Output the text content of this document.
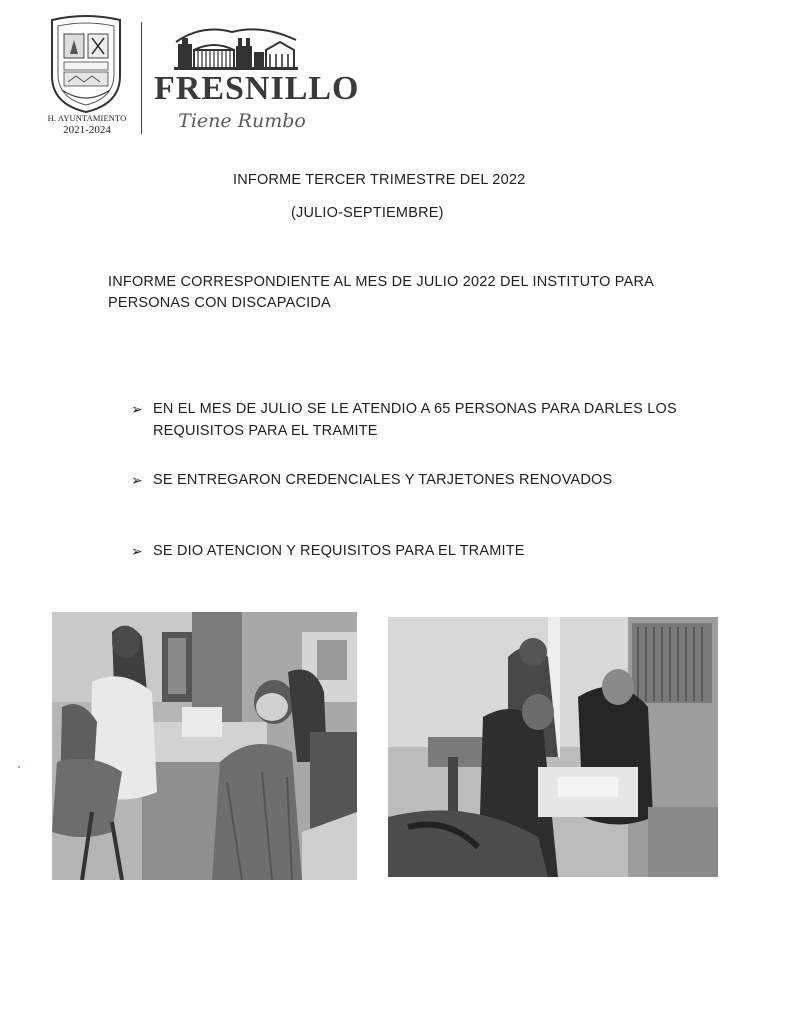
H. AYUNTAMIENTO
2021-2024
FRESNILLO
Tiene Rumbo
INFORME TERCER TRIMESTRE DEL 2022
(JULIO-SEPTIEMBRE)
INFORME CORRESPONDIENTE AL MES DE JULIO 2022 DEL INSTITUTO PARA PERSONAS CON DISCAPACIDA
➢ EN EL MES DE JULIO SE LE ATENDIO A 65 PERSONAS PARA DARLES LOS REQUISITOS PARA EL TRAMITE
➢ SE ENTREGARON CREDENCIALES Y TARJETONES RENOVADOS
➢ SE DIO ATENCION Y REQUISITOS PARA EL TRAMITE
